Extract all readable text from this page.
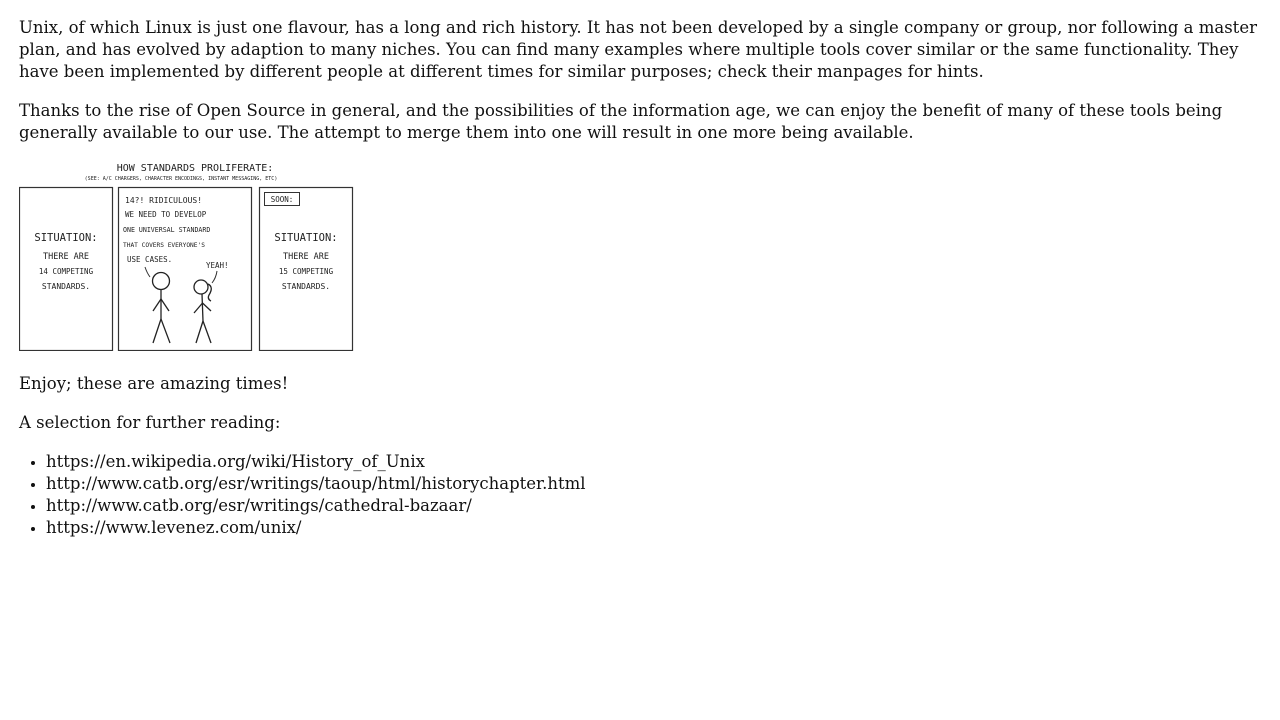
Unix, of which Linux is just one flavour, has a long and rich history. It has not been developed by a single company or group, nor following a master plan, and has evolved by adaption to many niches. You can find many examples where multiple tools cover similar or the same functionality. They have been implemented by different people at different times for similar purposes; check their manpages for hints.

Thanks to the rise of Open Source in general, and the possibilities of the information age, we can enjoy the benefit of many of these tools being generally available to our use. The attempt to merge them into one will result in one more being available.

HOW STANDARDS PROLIFERATE:
(SEE: A/C CHARGERS, CHARACTER ENCODINGS, INSTANT MESSAGING, ETC)
SITUATION:
THERE ARE
14 COMPETING
STANDARDS.
14?! RIDICULOUS!
WE NEED TO DEVELOP
ONE UNIVERSAL STANDARD
THAT COVERS EVERYONE'S
USE CASES.
YEAH!
SOON:
SITUATION:
THERE ARE
15 COMPETING
STANDARDS.

Enjoy; these are amazing times!

A selection for further reading:

• https://en.wikipedia.org/wiki/History_of_Unix
• http://www.catb.org/esr/writings/taoup/html/historychapter.html
• http://www.catb.org/esr/writings/cathedral-bazaar/
• https://www.levenez.com/unix/
